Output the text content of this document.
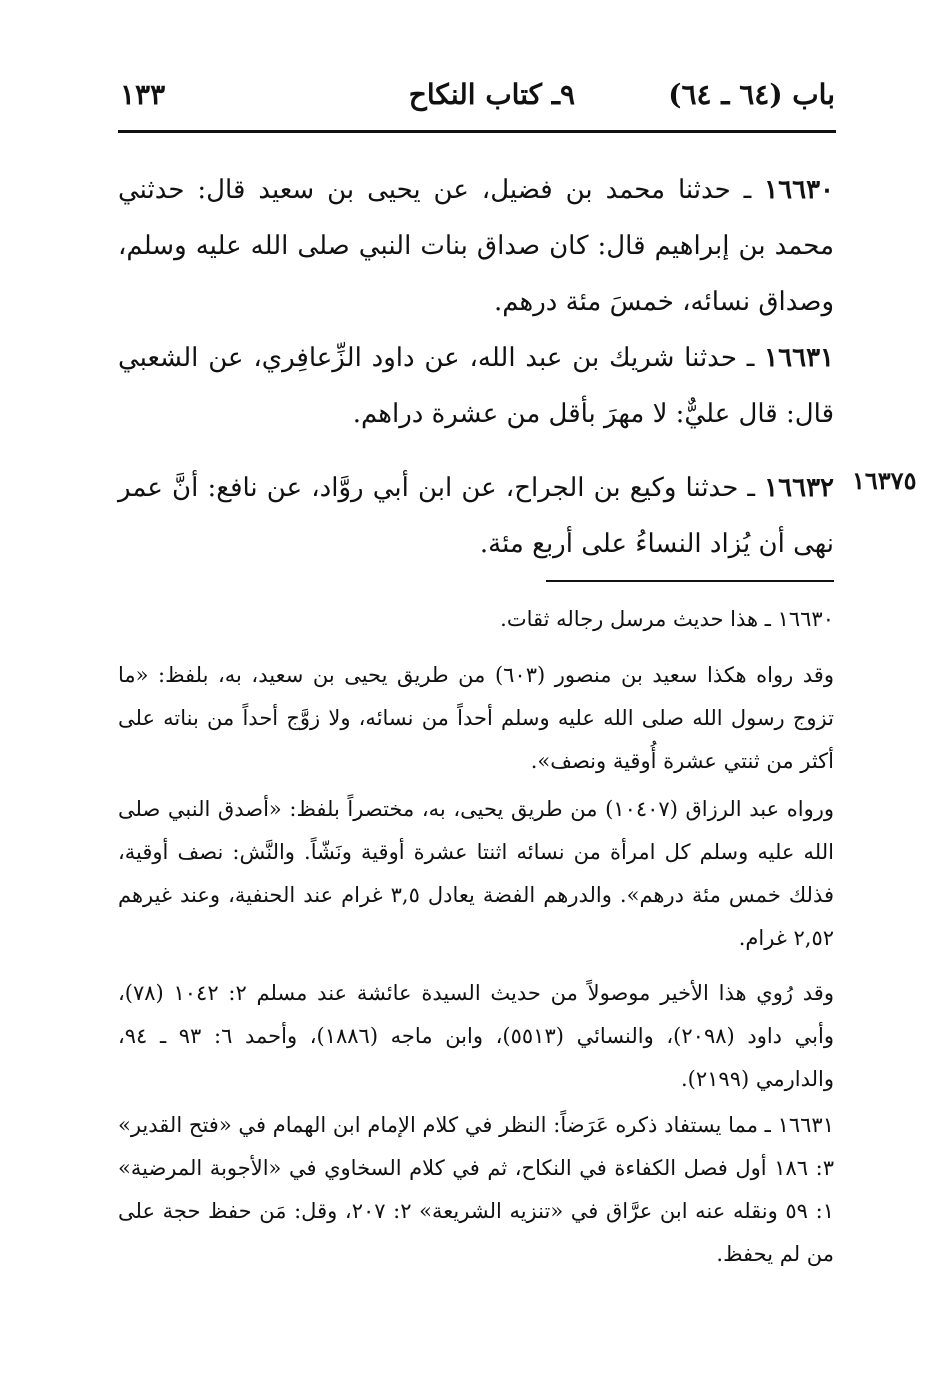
باب (٦٤ ـ ٦٤)
٩ـ كتاب النكاح
١٣٣
١٦٦٣٠ ـ حدثنا محمد بن فضيل، عن يحيى بن سعيد قال: حدثني محمد بن إبراهيم قال: كان صداق بنات النبي صلى الله عليه وسلم، وصداق نسائه، خمسَ مئة درهم.
١٦٦٣١ ـ حدثنا شريك بن عبد الله، عن داود الزِّعافِري، عن الشعبي قال: قال عليٌّ: لا مهرَ بأقل من عشرة دراهم.
١٦٣٧٥
١٦٦٣٢ ـ حدثنا وكيع بن الجراح، عن ابن أبي روَّاد، عن نافع: أنَّ عمر نهى أن يُزاد النساءُ على أربع مئة.
١٦٦٣٠ ـ هذا حديث مرسل رجاله ثقات.
وقد رواه هكذا سعيد بن منصور (٦٠٣) من طريق يحيى بن سعيد، به، بلفظ: «ما تزوج رسول الله صلى الله عليه وسلم أحداً من نسائه، ولا زوَّج أحداً من بناته على أكثر من ثنتي عشرة أُوقية ونصف».
ورواه عبد الرزاق (١٠٤٠٧) من طريق يحيى، به، مختصراً بلفظ: «أصدق النبي صلى الله عليه وسلم كل امرأة من نسائه اثنتا عشرة أوقية ونَشّاً. والنَّش: نصف أوقية، فذلك خمس مئة درهم». والدرهم الفضة يعادل ٣,٥ غرام عند الحنفية، وعند غيرهم ٢,٥٢ غرام.
وقد رُوي هذا الأخير موصولاً من حديث السيدة عائشة عند مسلم ٢: ١٠٤٢ (٧٨)، وأبي داود (٢٠٩٨)، والنسائي (٥٥١٣)، وابن ماجه (١٨٨٦)، وأحمد ٦: ٩٣ ـ ٩٤، والدارمي (٢١٩٩).
١٦٦٣١ ـ مما يستفاد ذكره عَرَضاً: النظر في كلام الإمام ابن الهمام في «فتح القدير» ٣: ١٨٦ أول فصل الكفاءة في النكاح، ثم في كلام السخاوي في «الأجوبة المرضية» ١: ٥٩ ونقله عنه ابن عرَّاق في «تنزيه الشريعة» ٢: ٢٠٧، وقل: مَن حفظ حجة على من لم يحفظ.
